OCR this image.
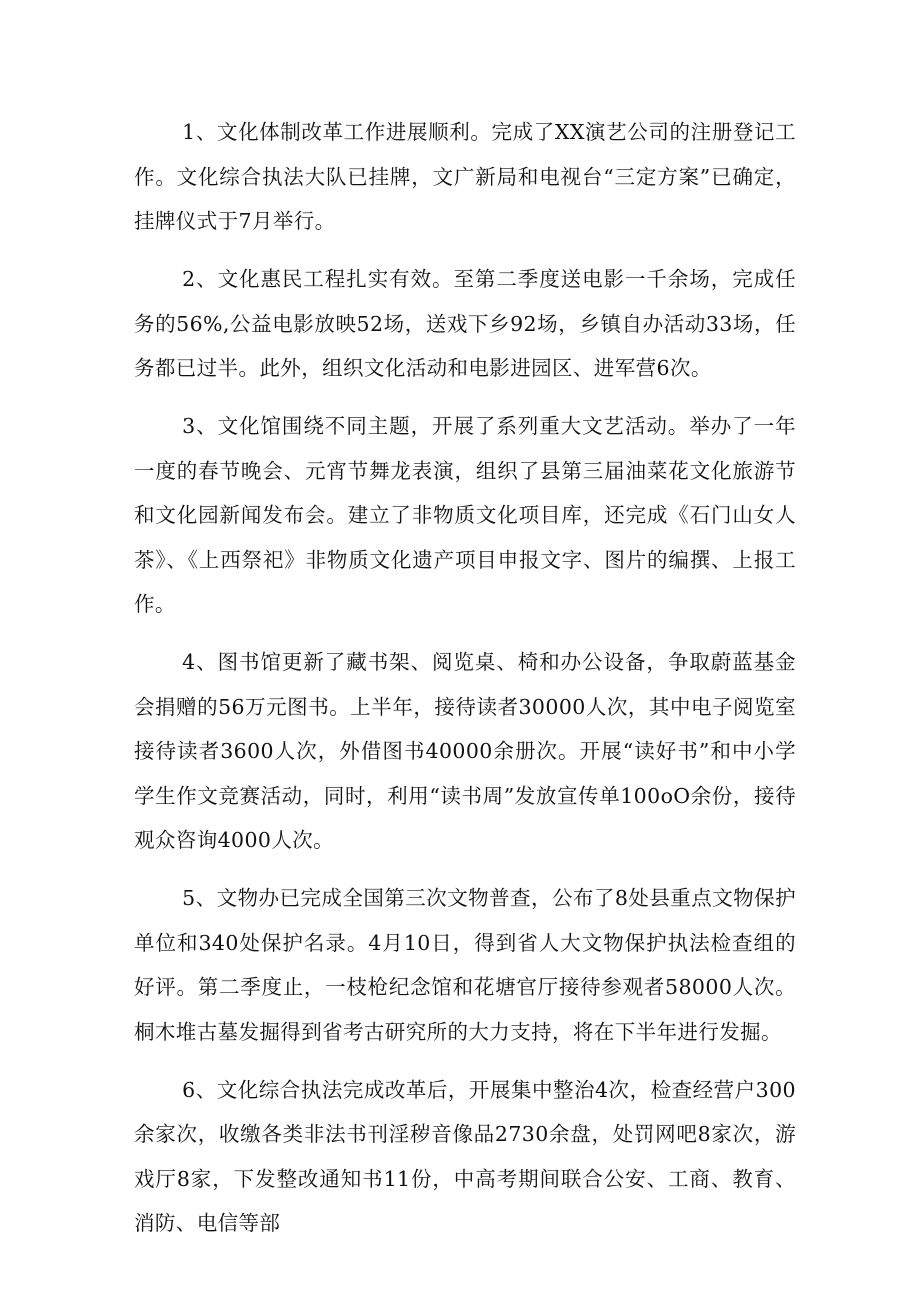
1、文化体制改革工作进展顺利。完成了XX演艺公司的注册登记工作。文化综合执法大队已挂牌，文广新局和电视台“三定方案”已确定，挂牌仪式于7月举行。

2、文化惠民工程扎实有效。至第二季度送电影一千余场，完成任务的56%,公益电影放映52场，送戏下乡92场，乡镇自办活动33场，任务都已过半。此外，组织文化活动和电影进园区、进军营6次。

3、文化馆围绕不同主题，开展了系列重大文艺活动。举办了一年一度的春节晚会、元宵节舞龙表演，组织了县第三届油菜花文化旅游节和文化园新闻发布会。建立了非物质文化项目库，还完成《石门山女人茶》、《上西祭祀》非物质文化遗产项目申报文字、图片的编撰、上报工作。

4、图书馆更新了藏书架、阅览桌、椅和办公设备，争取蔚蓝基金会捐赠的56万元图书。上半年，接待读者30000人次，其中电子阅览室接待读者3600人次，外借图书40000余册次。开展“读好书”和中小学学生作文竞赛活动，同时，利用“读书周”发放宣传单100oO余份，接待观众咨询4000人次。

5、文物办已完成全国第三次文物普查，公布了8处县重点文物保护单位和340处保护名录。4月10日，得到省人大文物保护执法检查组的好评。第二季度止，一枝枪纪念馆和花塘官厅接待参观者58000人次。桐木堆古墓发掘得到省考古研究所的大力支持，将在下半年进行发掘。

6、文化综合执法完成改革后，开展集中整治4次，检查经营户300余家次，收缴各类非法书刊淫秽音像品2730余盘，处罚网吧8家次，游戏厅8家，下发整改通知书11份，中高考期间联合公安、工商、教育、消防、电信等部
